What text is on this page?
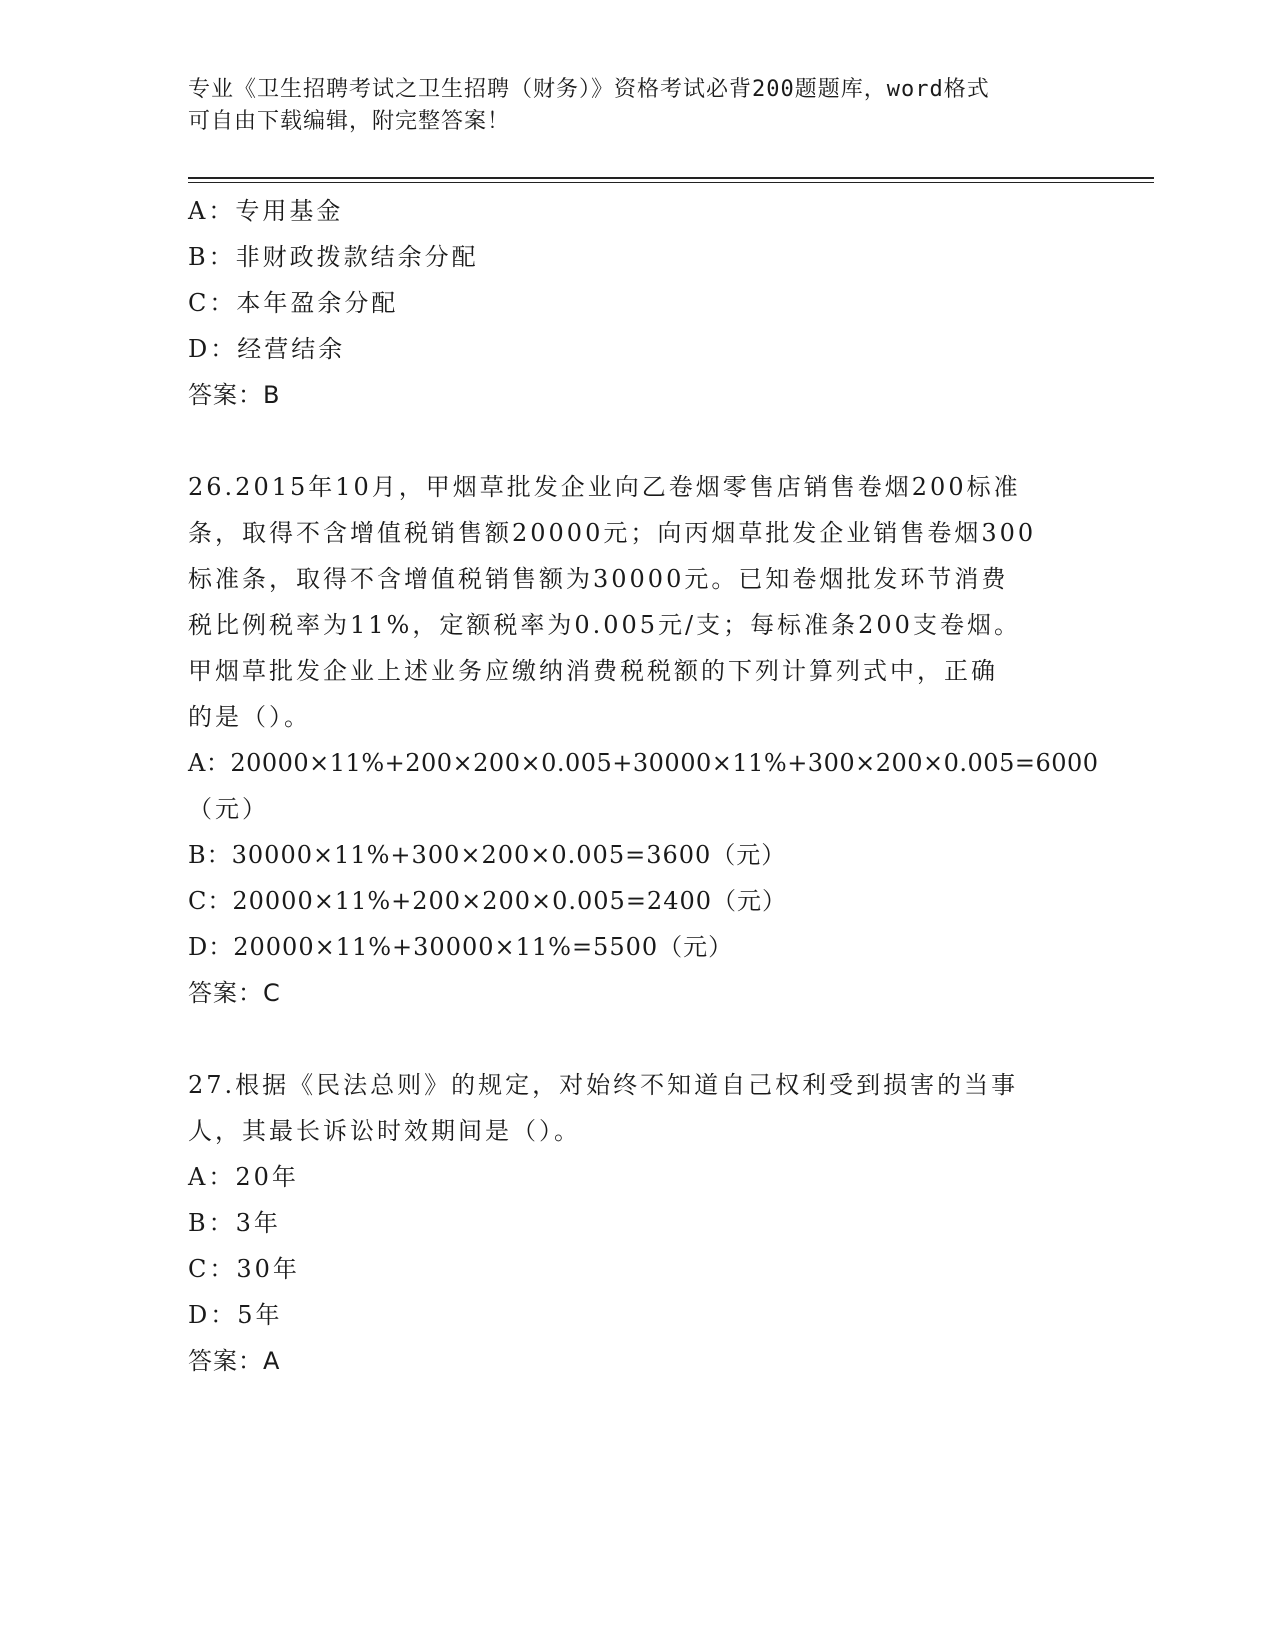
专业《卫生招聘考试之卫生招聘（财务）》资格考试必背200题题库，word格式
可自由下载编辑，附完整答案！
A：专用基金
B：非财政拨款结余分配
C：本年盈余分配
D：经营结余
答案：B
26.2015年10月，甲烟草批发企业向乙卷烟零售店销售卷烟200标准
条，取得不含增值税销售额20000元；向丙烟草批发企业销售卷烟300
标准条，取得不含增值税销售额为30000元。已知卷烟批发环节消费
税比例税率为11%，定额税率为0.005元/支；每标准条200支卷烟。
甲烟草批发企业上述业务应缴纳消费税税额的下列计算列式中，正确
的是（）。
A：20000×11%+200×200×0.005+30000×11%+300×200×0.005=6000
（元）
B：30000×11%+300×200×0.005=3600（元）
C：20000×11%+200×200×0.005=2400（元）
D：20000×11%+30000×11%=5500（元）
答案：C
27.根据《民法总则》的规定，对始终不知道自己权利受到损害的当事
人，其最长诉讼时效期间是（）。
A：20年
B：3年
C：30年
D：5年
答案：A
